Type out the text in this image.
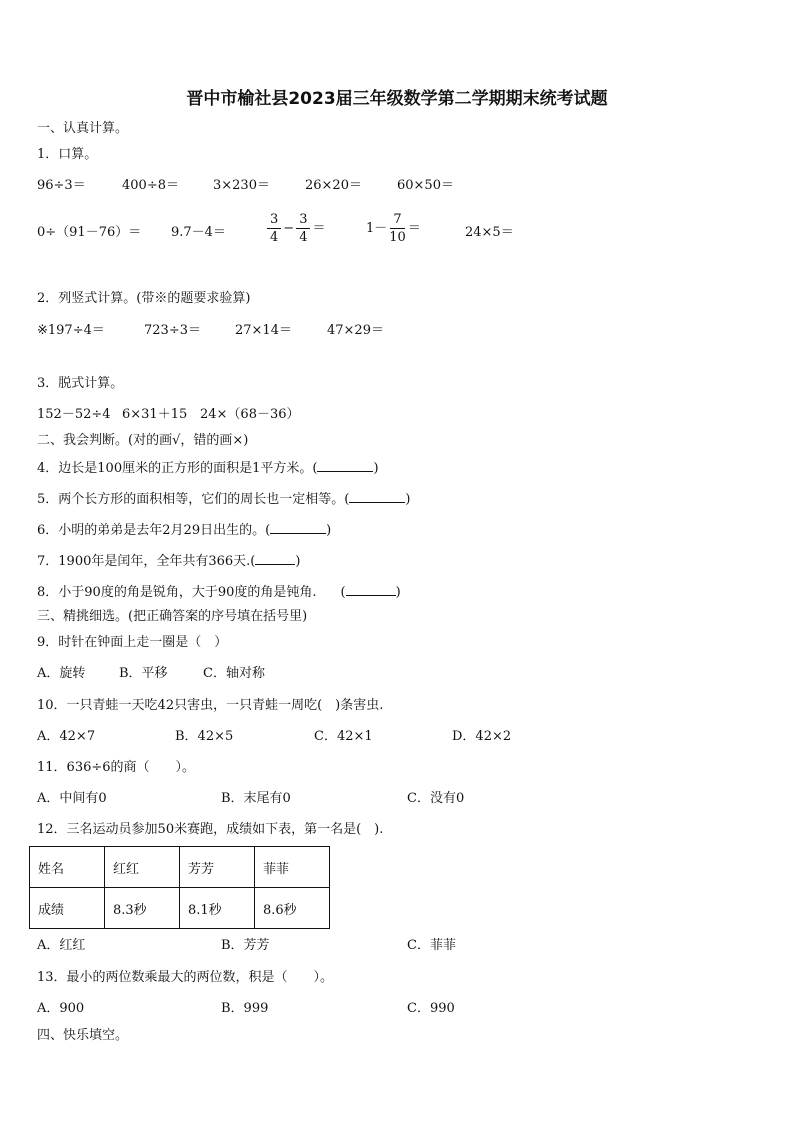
晋中市榆社县2023届三年级数学第二学期期末统考试题
一、认真计算。
1．口算。
96÷3＝	400÷8＝	3×230＝	26×20＝	60×50＝
0÷（91－76）＝ 9.7－4＝	$\frac{3}{4} - \frac{3}{4}$ ＝	$1- \frac{7}{10}$ ＝	24×5＝
2．列竖式计算。(带※的题要求验算)
※197÷4＝	723÷3＝	27×14＝	47×29＝
3．脱式计算。
152－52÷4 6×31＋15 24×（68－36）
二、我会判断。(对的画√，错的画×)
4．边长是100厘米的正方形的面积是1平方米。(	)
5．两个长方形的面积相等，它们的周长也一定相等。(	)
6．小明的弟弟是去年2月29日出生的。(	)
7．1900年是闰年，全年共有366天.(	)
8．小于90度的角是锐角，大于90度的角是钝角. (	)
三、精挑细选。(把正确答案的序号填在括号里)
9．时针在钟面上走一圈是（　）
A．旋转	B．平移	C．轴对称
10．一只青蛙一天吃42只害虫，一只青蛙一周吃(　)条害虫.
A．42×7	B．42×5	C．42×1	D．42×2
11．636÷6的商（　　）。
A．中间有0	B．末尾有0	C．没有0
12．三名运动员参加50米赛跑，成绩如下表，第一名是(　).
姓名	红红	芳芳	菲菲
成绩	8.3秒	8.1秒	8.6秒
A．红红	B．芳芳	C．菲菲
13．最小的两位数乘最大的两位数，积是（　　）。
A．900	B．999	C．990
四、快乐填空。
